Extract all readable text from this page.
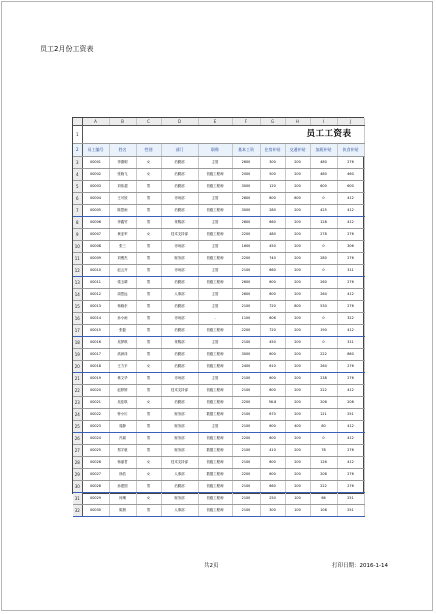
员工2月份工资表
	A	B	C	D	E	F	G	H	I	J
1	员工工资表									
2	员工编号	姓名	性别	部门	职称	基本工资	住房补贴	交通补贴	加班补贴	伙食补贴
3	00001	李德明	女	后勤部	主管	2600	300	200	480	276
4	00002	张晓飞	女	后勤部	初级工程师	2000	500	200	480	460
5	00003	刘伟超	男	后勤部	初级工程师	3000	120	200	600	600
6	00004	王可欣	男	市场部	主管	2800	800	600	0	412
7	00005	陈思雨	男	后勤部	初级工程师	3000	280	200	425	412
8	00006	李鑫竹	男	采购部	主管	2800	660	200	128	412
9	00007	黄亚军	女	技术支持部	初级工程师	2200	480	200	278	276
10	00008	张三	男	市场部	主管	1600	450	200	0	306
11	00009	刘俊杰	男	财务部	初级工程师	2200	740	200	280	276
12	00010	赵云开	男	市场部	主管	2100	660	200	0	311
13	00011	梁玉晴	男	后勤部	初级工程师	2600	600	200	260	276
14	00012	周思远	男	人事部	主管	2600	600	200	264	412
15	00013	杨晓东	男	后勤部	主管	2100	720	800	530	276
16	00014	孙小雨	男	市场部	-	1100	606	200	0	322
17	00015	张磊	男	后勤部	初级工程师	2200	720	200	190	412
18	00016	吴梦琪	男	采购部	主管	2100	450	200	0	311
19	00017	高润泽	男	后勤部	初级工程师	3000	600	200	222	860
20	00018	王力平	女	后勤部	初级工程师	2400	610	200	264	276
21	00019	林文华	男	市场部	主管	2100	600	200	238	276
22	00020	赵婷婷	男	技术支持部	初级工程师	2100	600	200	222	412
23	00021	吴佳琪	女	后勤部	初级工程师	2200	56.8	200	206	208
24	00022	钟小川	男	财务部	数据工程师	2100	670	200	121	251
25	00023	周静	男	财务部	主管	2100	600	400	80	412
26	00024	冯斌	男	财务部	初级工程师	2200	600	200	0	412
27	00025	郑宇航	男	财务部	数据工程师	2100	410	200	78	276
28	00026	杨丽君	女	技术支持部	初级工程师	2100	600	200	126	412
29	00027	徐浩	女	人事部	数据工程师	2200	600	200	208	276
30	00028	孙建国	男	后勤部	初级工程师	2100	660	200	222	276
31	00029	何琳	女	财务部	初级工程师	2100	250	100	66	251
32	00030	陈晨	男	人事部	初级工程师	2100	300	100	108	251
共2页	打印日期：2016-1-14
